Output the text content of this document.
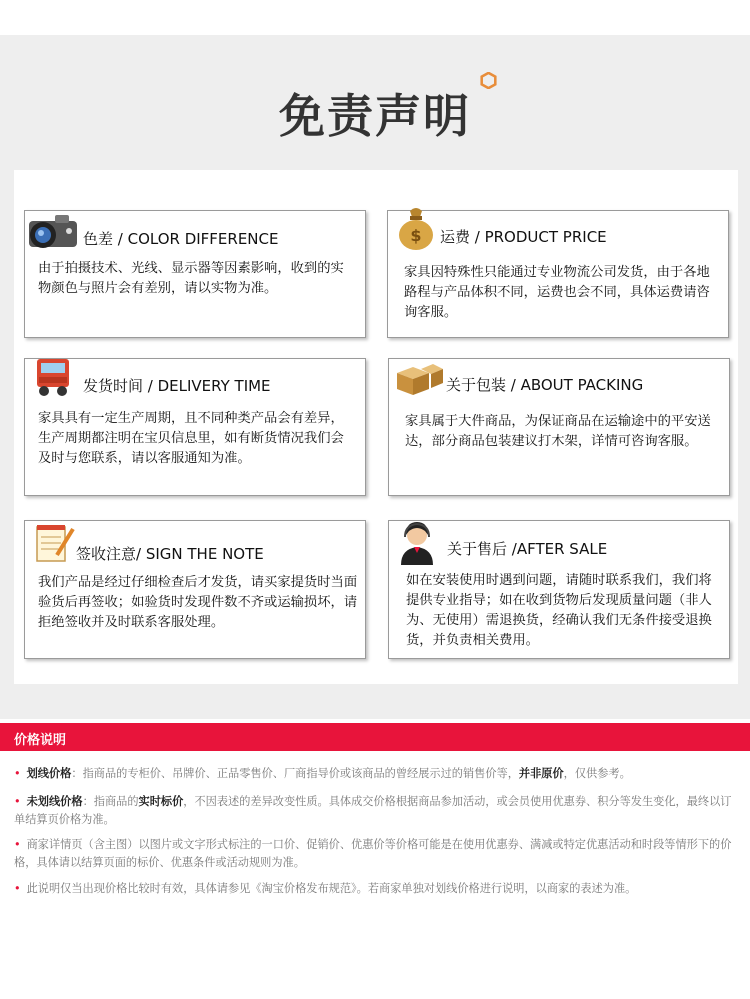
免责声明
色差 / COLOR DIFFERENCE
由于拍摄技术、光线、显示器等因素影响，收到的实物颜色与照片会有差别，请以实物为准。
$ 运费 / PRODUCT PRICE
家具因特殊性只能通过专业物流公司发货，由于各地路程与产品体积不同，运费也会不同，具体运费请咨询客服。
发货时间 / DELIVERY TIME
家具具有一定生产周期，且不同种类产品会有差异，生产周期都注明在宝贝信息里，如有断货情况我们会及时与您联系，请以客服通知为准。
关于包装 / ABOUT PACKING
家具属于大件商品，为保证商品在运输途中的平安送达，部分商品包装建议打木架，详情可咨询客服。
签收注意/ SIGN THE NOTE
我们产品是经过仔细检查后才发货，请买家提货时当面验货后再签收；如验货时发现件数不齐或运输损坏，请拒绝签收并及时联系客服处理。
关于售后 /AFTER SALE
如在安装使用时遇到问题，请随时联系我们，我们将提供专业指导；如在收到货物后发现质量问题（非人为、无使用）需退换货，经确认我们无条件接受退换货，并负责相关费用。
价格说明
• 划线价格：指商品的专柜价、吊牌价、正品零售价、厂商指导价或该商品的曾经展示过的销售价等，并非原价，仅供参考。
• 未划线价格：指商品的实时标价，不因表述的差异改变性质。具体成交价格根据商品参加活动，或会员使用优惠券、积分等发生变化，最终以订单结算页价格为准。
• 商家详情页（含主图）以图片或文字形式标注的一口价、促销价、优惠价等价格可能是在使用优惠券、满减或特定优惠活动和时段等情形下的价格，具体请以结算页面的标价、优惠条件或活动规则为准。
• 此说明仅当出现价格比较时有效，具体请参见《淘宝价格发布规范》。若商家单独对划线价格进行说明，以商家的表述为准。
